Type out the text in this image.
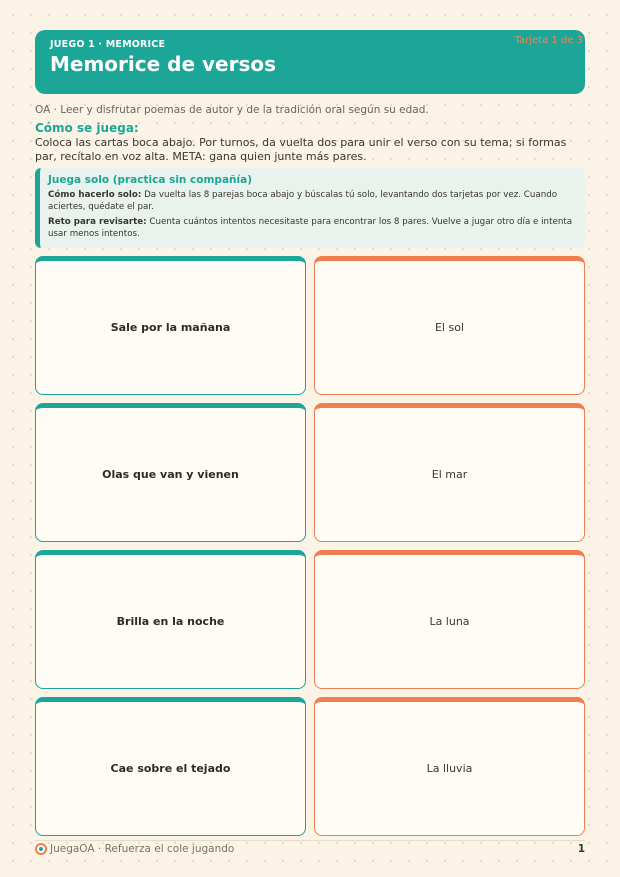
JUEGO 1 · MEMORICE
Memorice de versos
Tarjeta 1 de 3
OA · Leer y disfrutar poemas de autor y de la tradición oral según su edad.
Cómo se juega:
Coloca las cartas boca abajo. Por turnos, da vuelta dos para unir el verso con su tema; si formas par, recítalo en voz alta. META: gana quien junte más pares.
Juega solo (practica sin compañía)
Cómo hacerlo solo: Da vuelta las 8 parejas boca abajo y búscalas tú solo, levantando dos tarjetas por vez. Cuando aciertes, quédate el par.
Reto para revisarte: Cuenta cuántos intentos necesitaste para encontrar los 8 pares. Vuelve a jugar otro día e intenta usar menos intentos.
Sale por la mañana	El sol
Olas que van y vienen	El mar
Brilla en la noche	La luna
Cae sobre el tejado	La lluvia
JuegaOA · Refuerza el cole jugando	1
